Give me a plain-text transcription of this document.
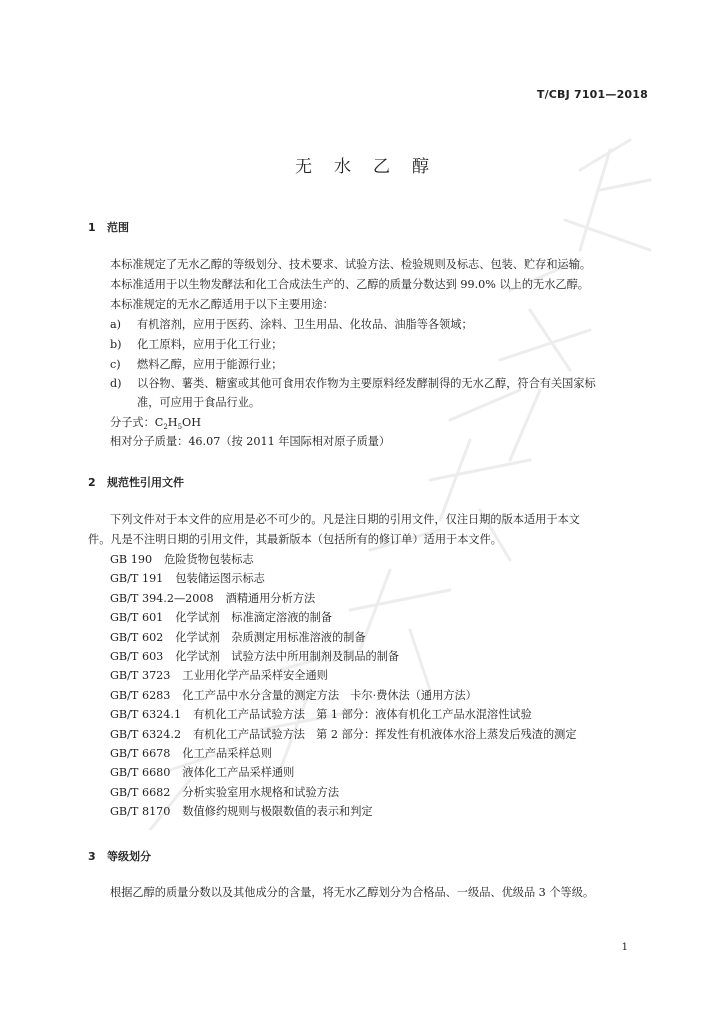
T/CBJ 7101—2018
无水乙醇
1 范围
本标准规定了无水乙醇的等级划分、技术要求、试验方法、检验规则及标志、包装、贮存和运输。
本标准适用于以生物发酵法和化工合成法生产的、乙醇的质量分数达到 99.0% 以上的无水乙醇。
本标准规定的无水乙醇适用于以下主要用途：
a) 有机溶剂，应用于医药、涂料、卫生用品、化妆品、油脂等各领域；
b) 化工原料，应用于化工行业；
c) 燃料乙醇，应用于能源行业；
d) 以谷物、薯类、糖蜜或其他可食用农作物为主要原料经发酵制得的无水乙醇，符合有关国家标
准，可应用于食品行业。
分子式：$C_2H_5OH$
相对分子质量：46.07（按 2011 年国际相对原子质量）
2 规范性引用文件
下列文件对于本文件的应用是必不可少的。凡是注日期的引用文件，仅注日期的版本适用于本文
件。凡是不注明日期的引用文件，其最新版本（包括所有的修订单）适用于本文件。
GB 190 危险货物包装标志
GB/T 191 包装储运图示标志
GB/T 394.2—2008 酒精通用分析方法
GB/T 601 化学试剂　标准滴定溶液的制备
GB/T 602 化学试剂　杂质测定用标准溶液的制备
GB/T 603 化学试剂　试验方法中所用制剂及制品的制备
GB/T 3723 工业用化学产品采样安全通则
GB/T 6283 化工产品中水分含量的测定方法　卡尔·费休法（通用方法）
GB/T 6324.1 有机化工产品试验方法　第 1 部分：液体有机化工产品水混溶性试验
GB/T 6324.2 有机化工产品试验方法　第 2 部分：挥发性有机液体水浴上蒸发后残渣的测定
GB/T 6678 化工产品采样总则
GB/T 6680 液体化工产品采样通则
GB/T 6682 分析实验室用水规格和试验方法
GB/T 8170 数值修约规则与极限数值的表示和判定
3 等级划分
根据乙醇的质量分数以及其他成分的含量，将无水乙醇划分为合格品、一级品、优级品 3 个等级。
1
